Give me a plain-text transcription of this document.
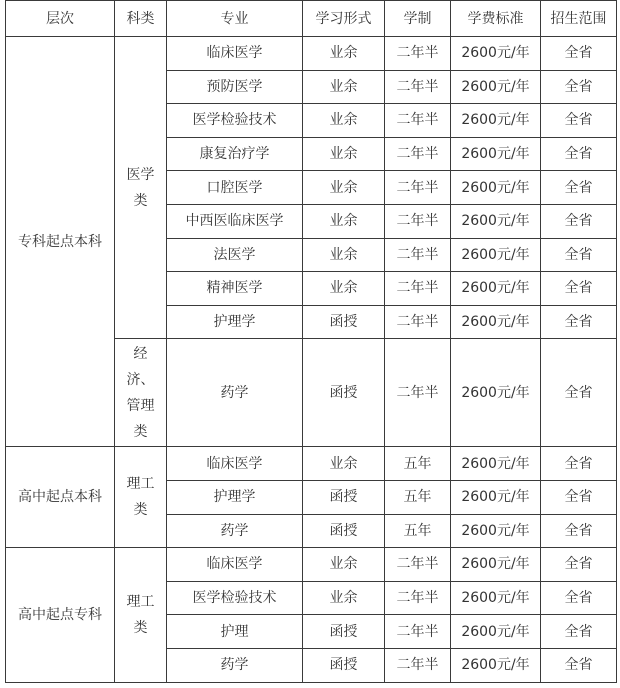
层次	科类	专业	学习形式	学制	学费标准	招生范围
专科起点本科	医学类	临床医学	业余	二年半	2600元/年	全省
		预防医学	业余	二年半	2600元/年	全省
		医学检验技术	业余	二年半	2600元/年	全省
		康复治疗学	业余	二年半	2600元/年	全省
		口腔医学	业余	二年半	2600元/年	全省
		中西医临床医学	业余	二年半	2600元/年	全省
		法医学	业余	二年半	2600元/年	全省
		精神医学	业余	二年半	2600元/年	全省
		护理学	函授	二年半	2600元/年	全省
	经济、管理类	药学	函授	二年半	2600元/年	全省
高中起点本科	理工类	临床医学	业余	五年	2600元/年	全省
		护理学	函授	五年	2600元/年	全省
		药学	函授	五年	2600元/年	全省
高中起点专科	理工类	临床医学	业余	二年半	2600元/年	全省
		医学检验技术	业余	二年半	2600元/年	全省
		护理	函授	二年半	2600元/年	全省
		药学	函授	二年半	2600元/年	全省
